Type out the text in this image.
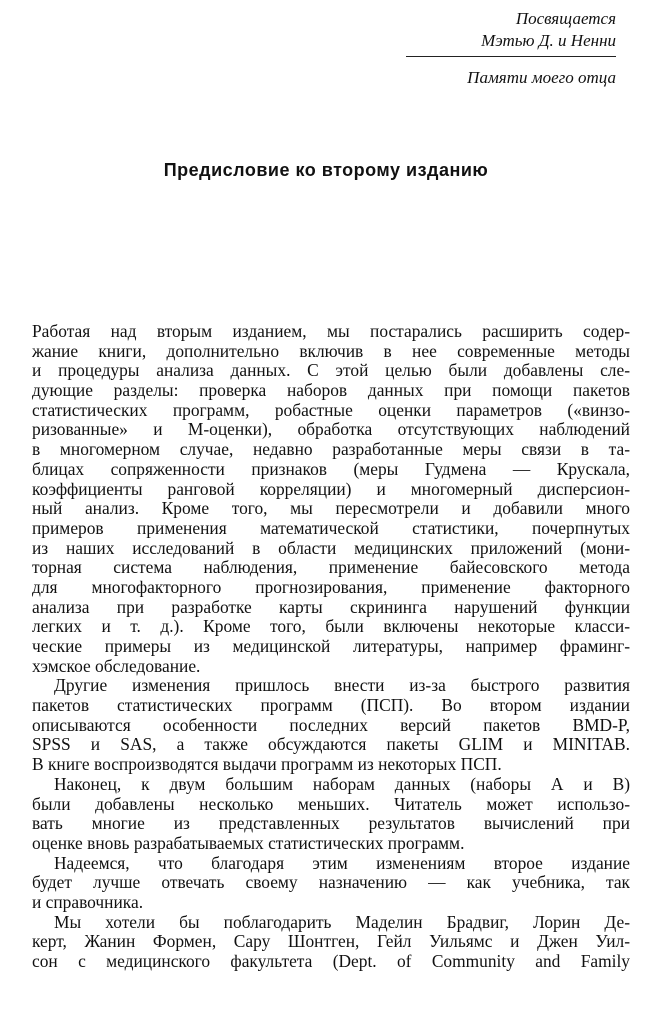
Посвящается
Мэтью Д. и Ненни
Памяти моего отца
Предисловие ко второму изданию
Работая над вторым изданием, мы постарались расширить содер-
жание книги, дополнительно включив в нее современные методы
и процедуры анализа данных. С этой целью были добавлены сле-
дующие разделы: проверка наборов данных при помощи пакетов
статистических программ, робастные оценки параметров («винзо-
ризованные» и М-оценки), обработка отсутствующих наблюдений
в многомерном случае, недавно разработанные меры связи в та-
блицах сопряженности признаков (меры Гудмена — Крускала,
коэффициенты ранговой корреляции) и многомерный дисперсион-
ный анализ. Кроме того, мы пересмотрели и добавили много
примеров применения математической статистики, почерпнутых
из наших исследований в области медицинских приложений (мони-
торная система наблюдения, применение байесовского метода
для многофакторного прогнозирования, применение факторного
анализа при разработке карты скрининга нарушений функции
легких и т. д.). Кроме того, были включены некоторые класси-
ческие примеры из медицинской литературы, например фраминг-
хэмское обследование.
Другие изменения пришлось внести из-за быстрого развития
пакетов статистических программ (ПСП). Во втором издании
описываются особенности последних версий пакетов BMD-P,
SPSS и SAS, а также обсуждаются пакеты GLIM и MINITAB.
В книге воспроизводятся выдачи программ из некоторых ПСП.
Наконец, к двум большим наборам данных (наборы А и В)
были добавлены несколько меньших. Читатель может использо-
вать многие из представленных результатов вычислений при
оценке вновь разрабатываемых статистических программ.
Надеемся, что благодаря этим изменениям второе издание
будет лучше отвечать своему назначению — как учебника, так
и справочника.
Мы хотели бы поблагодарить Маделин Брадвиг, Лорин Де-
керт, Жанин Формен, Сару Шонтген, Гейл Уильямс и Джен Уил-
сон с медицинского факультета (Dept. of Community and Family
